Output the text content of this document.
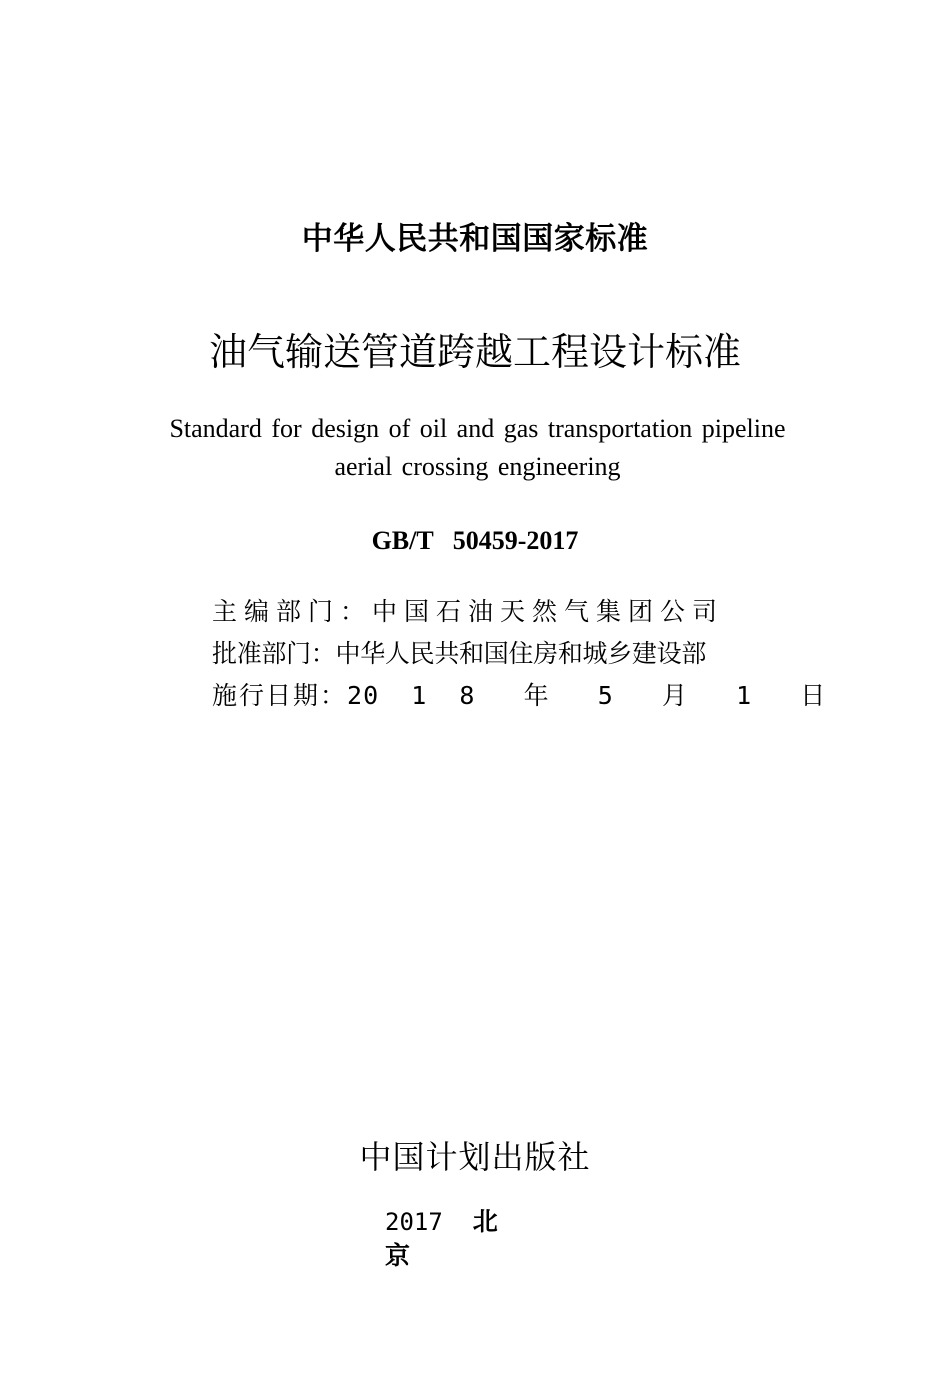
中华人民共和国国家标准
油气输送管道跨越工程设计标准
Standard for design of oil and gas transportation pipeline
aerial crossing engineering
GB/T   50459-2017
主编部门： 中国石油天然气集团公司
批准部门： 中华人民共和国住房和城乡建设部
施行日期： 20  1  8   年   5   月   1   日
中国计划出版社
2017 北京
